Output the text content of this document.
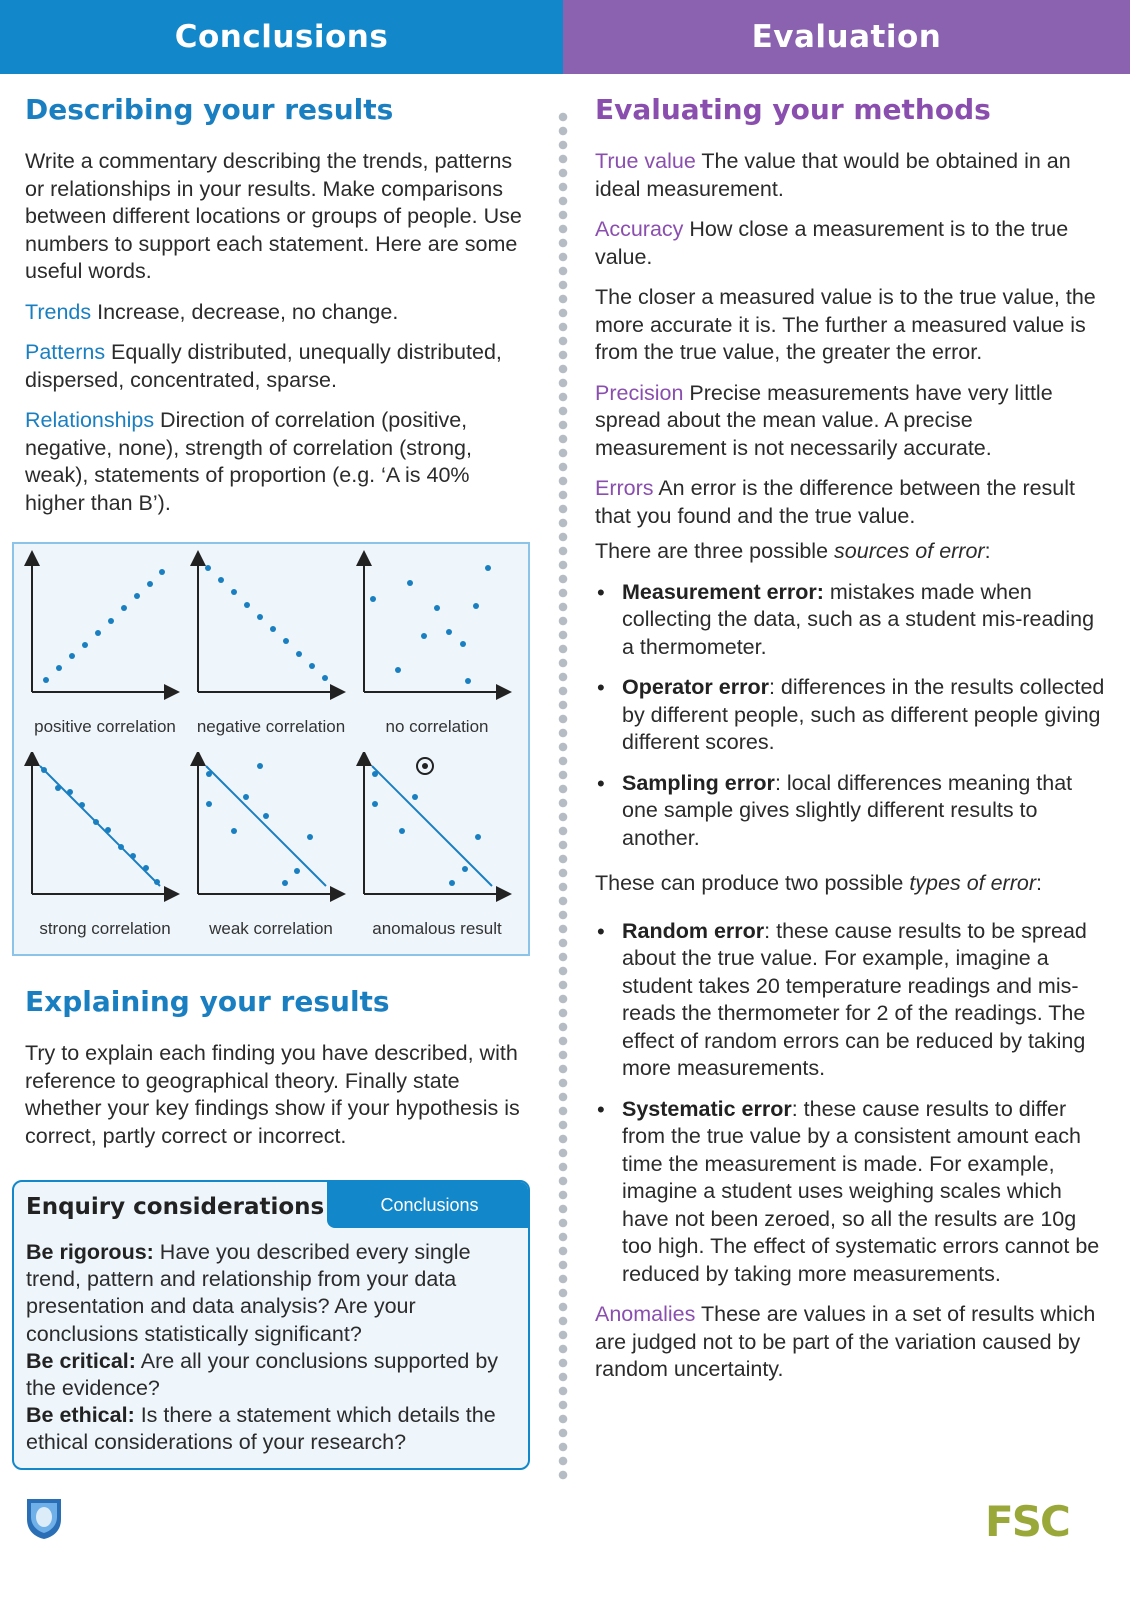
Conclusions	Evaluation
Describing your results

Write a commentary describing the trends, patterns or relationships in your results. Make comparisons between different locations or groups of people. Use numbers to support each statement. Here are some useful words.

Trends Increase, decrease, no change.

Patterns Equally distributed, unequally distributed, dispersed, concentrated, sparse.

Relationships Direction of correlation (positive, negative, none), strength of correlation (strong, weak), statements of proportion (e.g. ‘A is 40% higher than B’).

positive correlation	negative correlation	no correlation
strong correlation	weak correlation	anomalous result
Explaining your results

Try to explain each finding you have described, with reference to geographical theory. Finally state whether your key findings show if your hypothesis is correct, partly correct or incorrect.

Enquiry considerations	Conclusions
Be rigorous: Have you described every single trend, pattern and relationship from your data presentation and data analysis? Are your conclusions statistically significant?
Be critical: Are all your conclusions supported by the evidence?
Be ethical: Is there a statement which details the ethical considerations of your research?
Evaluating your methods

True value The value that would be obtained in an ideal measurement.

Accuracy How close a measurement is to the true value.

The closer a measured value is to the true value, the more accurate it is. The further a measured value is from the true value, the greater the error.

Precision Precise measurements have very little spread about the mean value. A precise measurement is not necessarily accurate.

Errors An error is the difference between the result that you found and the true value.

There are three possible sources of error:

• Measurement error: mistakes made when collecting the data, such as a student mis-reading a thermometer.
• Operator error: differences in the results collected by different people, such as different people giving different scores.
• Sampling error: local differences meaning that one sample gives slightly different results to another.

These can produce two possible types of error:

• Random error: these cause results to be spread about the true value. For example, imagine a student takes 20 temperature readings and mis-reads the thermometer for 2 of the readings. The effect of random errors can be reduced by taking more measurements.
• Systematic error: these cause results to differ from the true value by a consistent amount each time the measurement is made. For example, imagine a student uses weighing scales which have not been zeroed, so all the results are 10g too high. The effect of systematic errors cannot be reduced by taking more measurements.

Anomalies These are values in a set of results which are judged not to be part of the variation caused by random uncertainty.

FSC
